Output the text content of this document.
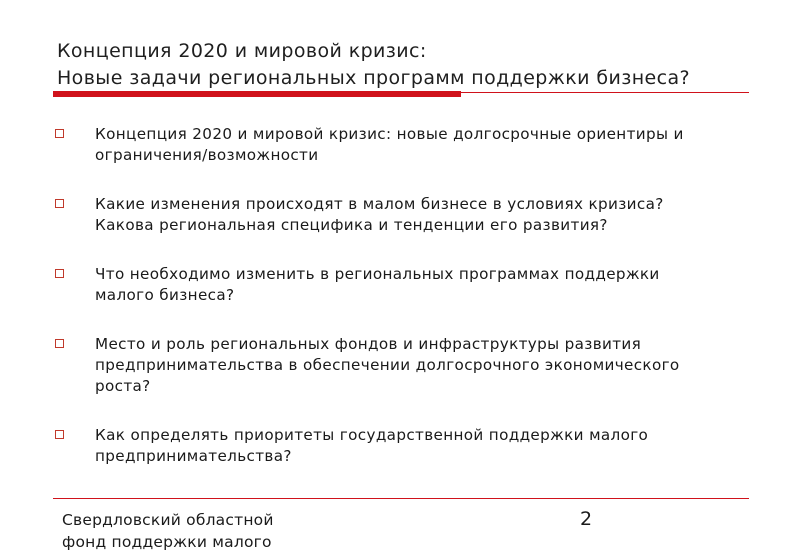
Концепция 2020 и мировой кризис:
Новые задачи региональных программ поддержки бизнеса?
Концепция 2020 и мировой кризис: новые долгосрочные ориентиры и
ограничения/возможности
Какие изменения происходят в малом бизнесе в условиях кризиса?
Какова региональная специфика и тенденции его развития?
Что необходимо изменить в региональных программах поддержки
малого бизнеса?
Место и роль региональных фондов и инфраструктуры развития
предпринимательства в обеспечении долгосрочного экономического
роста?
Как определять приоритеты государственной поддержки малого
предпринимательства?
Свердловский областной
фонд поддержки малого
2
